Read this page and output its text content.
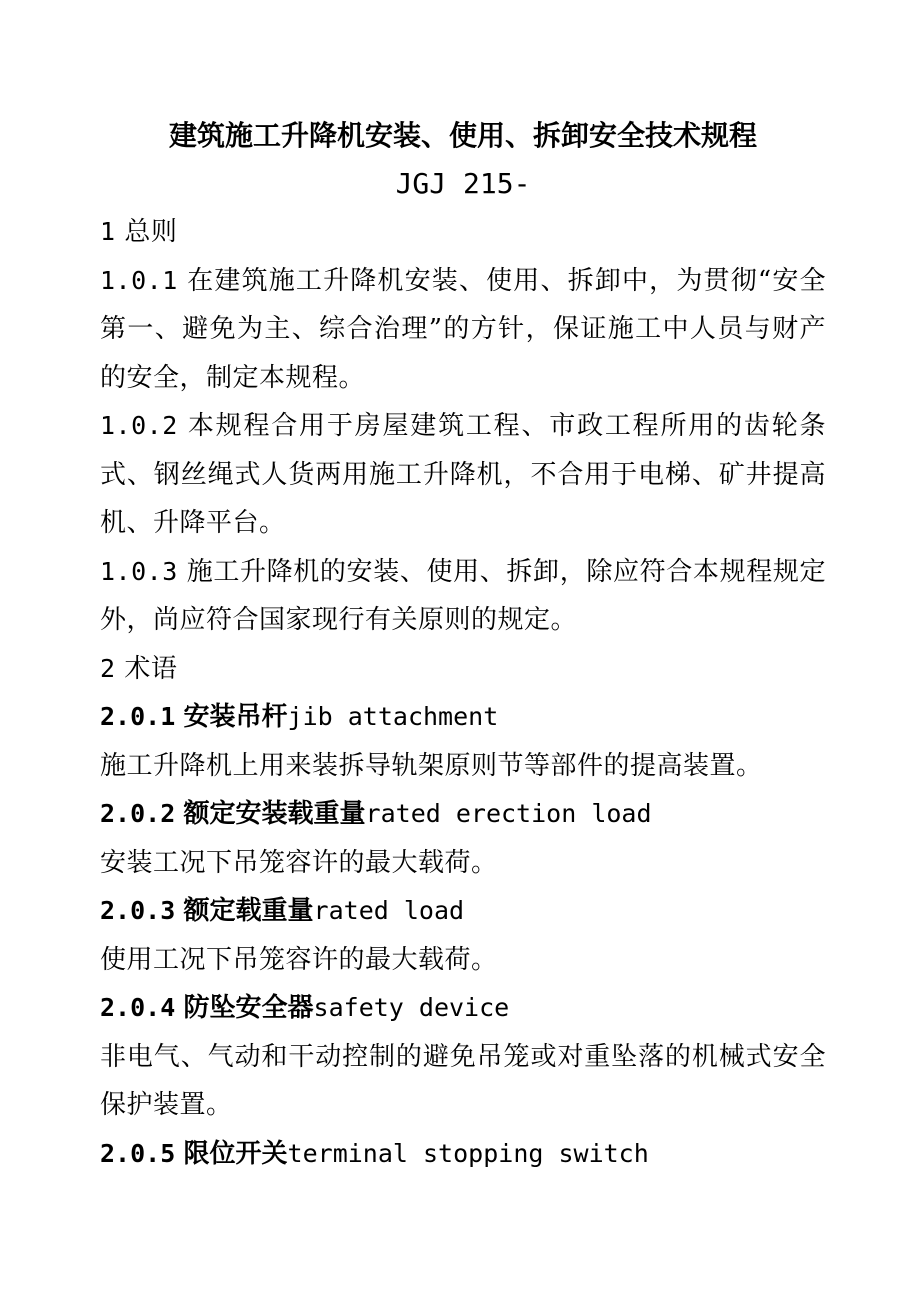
建筑施工升降机安装、使用、拆卸安全技术规程

JGJ 215-

1 总则

1.0.1 在建筑施工升降机安装、使用、拆卸中，为贯彻“安全第一、避免为主、综合治理”的方针，保证施工中人员与财产的安全，制定本规程。

1.0.2 本规程合用于房屋建筑工程、市政工程所用的齿轮条式、钢丝绳式人货两用施工升降机，不合用于电梯、矿井提高机、升降平台。

1.0.3 施工升降机的安装、使用、拆卸，除应符合本规程规定外，尚应符合国家现行有关原则的规定。

2 术语

2.0.1 安装吊杆jib attachment

施工升降机上用来装拆导轨架原则节等部件的提高装置。

2.0.2 额定安装载重量rated erection load

安装工况下吊笼容许的最大载荷。

2.0.3 额定载重量rated load

使用工况下吊笼容许的最大载荷。

2.0.4 防坠安全器safety device

非电气、气动和干动控制的避免吊笼或对重坠落的机械式安全保护装置。

2.0.5 限位开关terminal stopping switch
